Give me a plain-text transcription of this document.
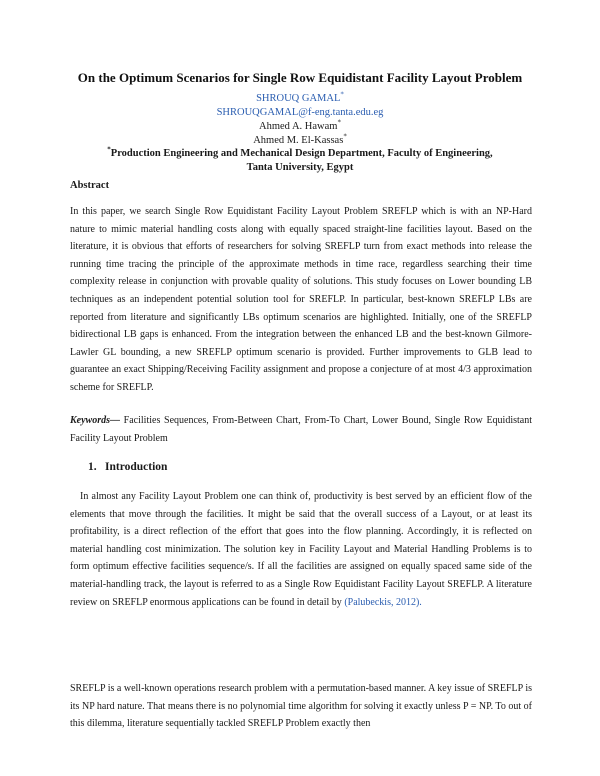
On the Optimum Scenarios for Single Row Equidistant Facility Layout Problem
SHROUQ GAMAL*
SHROUQGAMAL@f-eng.tanta.edu.eg
Ahmed A. Hawam*
Ahmed M. El-Kassas*
*Production Engineering and Mechanical Design Department, Faculty of Engineering,
Tanta University, Egypt
Abstract

In this paper, we search Single Row Equidistant Facility Layout Problem SREFLP which is with an NP-Hard nature to mimic material handling costs along with equally spaced straight-line facilities layout. Based on the literature, it is obvious that efforts of researchers for solving SREFLP turn from exact methods into release the running time tracing the principle of the approximate methods in time race, regardless searching their time complexity release in conjunction with provable quality of solutions. This study focuses on Lower bounding LB techniques as an independent potential solution tool for SREFLP. In particular, best-known SREFLP LBs are reported from literature and significantly LBs optimum scenarios are highlighted. Initially, one of the SREFLP bidirectional LB gaps is enhanced. From the integration between the enhanced LB and the best-known Gilmore-Lawler GL bounding, a new SREFLP optimum scenario is provided. Further improvements to GLB lead to guarantee an exact Shipping/Receiving Facility assignment and propose a conjecture of at most 4/3 approximation scheme for SREFLP.

Keywords— Facilities Sequences, From-Between Chart, From-To Chart, Lower Bound, Single Row Equidistant Facility Layout Problem

1. Introduction

In almost any Facility Layout Problem one can think of, productivity is best served by an efficient flow of the elements that move through the facilities. It might be said that the overall success of a Layout, or at least its profitability, is a direct reflection of the effort that goes into the flow planning. Accordingly, it is reflected on material handling cost minimization. The solution key in Facility Layout and Material Handling Problems is to form optimum effective facilities sequence/s. If all the facilities are assigned on equally spaced same side of the material-handling track, the layout is referred to as a Single Row Equidistant Facility Layout SREFLP. A literature review on SREFLP enormous applications can be found in detail by (Palubeckis, 2012).

SREFLP is a well-known operations research problem with a permutation-based manner. A key issue of SREFLP is its NP hard nature. That means there is no polynomial time algorithm for solving it exactly unless P = NP. To out of this dilemma, literature sequentially tackled SREFLP Problem exactly then
